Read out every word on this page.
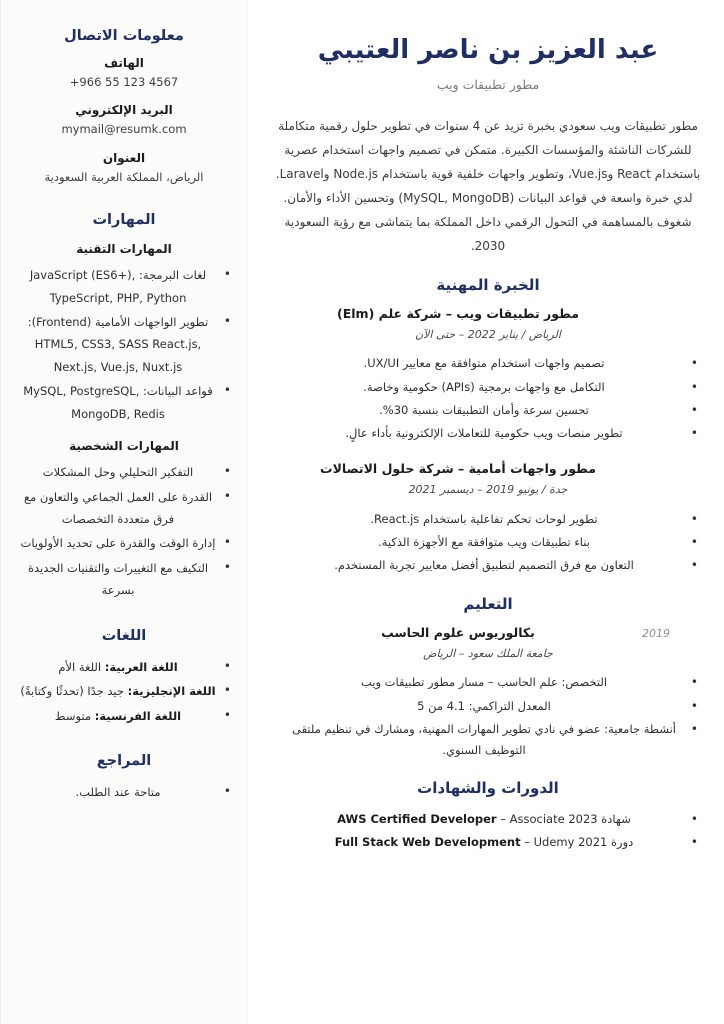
عبد العزيز بن ناصر العتيبي
مطور تطبيقات ويب
مطور تطبيقات ويب سعودي بخبرة تزيد عن 4 سنوات في تطوير حلول رقمية متكاملة للشركات الناشئة والمؤسسات الكبيرة. متمكن في تصميم واجهات استخدام عصرية باستخدام React وVue.js، وتطوير واجهات خلفية قوية باستخدام Node.js وLaravel. لدي خبرة واسعة في قواعد البيانات (MySQL, MongoDB) وتحسين الأداء والأمان. شغوف بالمساهمة في التحول الرقمي داخل المملكة بما يتماشى مع رؤية السعودية 2030.
الخبرة المهنية
مطور تطبيقات ويب – شركة علم (Elm)
الرياض / يناير 2022 – حتى الآن
• تصميم واجهات استخدام متوافقة مع معايير UX/UI.
• التكامل مع واجهات برمجية (APIs) حكومية وخاصة.
• تحسين سرعة وأمان التطبيقات بنسبة 30%.
• تطوير منصات ويب حكومية للتعاملات الإلكترونية بأداء عالٍ.
مطور واجهات أمامية – شركة حلول الاتصالات
جدة / يونيو 2019 – ديسمبر 2021
• تطوير لوحات تحكم تفاعلية باستخدام React.js.
• بناء تطبيقات ويب متوافقة مع الأجهزة الذكية.
• التعاون مع فرق التصميم لتطبيق أفضل معايير تجربة المستخدم.
التعليم
2019
بكالوريوس علوم الحاسب
جامعة الملك سعود – الرياض
• التخصص: علم الحاسب – مسار مطور تطبيقات ويب
• المعدل التراكمي: 4.1 من 5
• أنشطة جامعية: عضو في نادي تطوير المهارات المهنية، ومشارك في تنظيم ملتقى التوظيف السنوي.
الدورات والشهادات
• شهادة AWS Certified Developer – Associate 2023
• دورة Full Stack Web Development – Udemy 2021
معلومات الاتصال
الهاتف
+966 55 123 4567
البريد الإلكتروني
mymail@resumk.com
العنوان
الرياض، المملكة العربية السعودية
المهارات
المهارات التقنية
• لغات البرمجة: JavaScript (ES6+), TypeScript, PHP, Python
• تطوير الواجهات الأمامية (Frontend): HTML5, CSS3, SASS React.js, Next.js, Vue.js, Nuxt.js
• قواعد البيانات: MySQL, PostgreSQL, MongoDB, Redis
المهارات الشخصية
• التفكير التحليلي وحل المشكلات
• القدرة على العمل الجماعي والتعاون مع فرق متعددة التخصصات
• إدارة الوقت والقدرة على تحديد الأولويات
• التكيف مع التغييرات والتقنيات الجديدة بسرعة
اللغات
• اللغة العربية: اللغة الأم
• اللغة الإنجليزية: جيد جدًا (تحدثًا وكتابةً)
• اللغة الفرنسية: متوسط
المراجع
• متاحة عند الطلب.
